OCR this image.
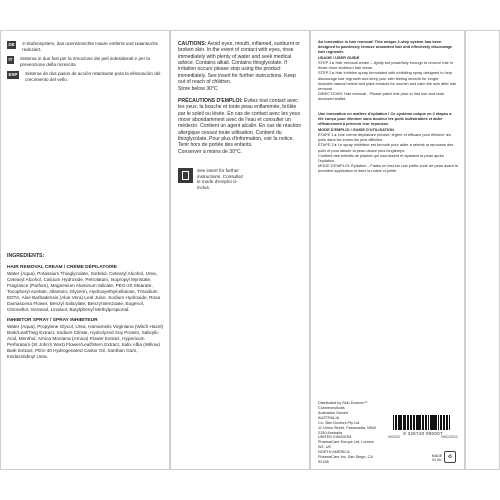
DE	2-Stufensystem, das unerwünschte Haare entfernt und Haarwuchs reduziert.
IT	Sistema in due fasi per la rimozione dei peli indesiderati e per la prevenzione della ricrescita
ESP	Sistema de dos pasos de acción retardante para la eliminación del crecimiento del vello.
INGREDIENTS:
HAIR REMOVAL CREAM / CRÈME DÉPILATOIRE
Water (Aqua), Potassium Thioglycolate, Sorbitol, Cetearyl Alcohol, Urea, Cetearyl Alcohol, Calcium Hydroxide, Petrolatum, Isopropyl Myristate, Fragrance (Parfum), Magnesium Aluminum Silicate, PEG-20 Stearate, Tocopheryl Acetate, Allantoin, Glycerin, Hydroxyethylcellulose, Trisodium EDTA, Aloe Barbadensis (Aloe Vera) Leaf Juice, Sodium Hydroxide, Rosa Damascena Flower, Benzyl Salicylate, Benzyl Benzoate, Eugenol, Citronellol, Geraniol, Linalool, Butylphenyl Methylpropional.
INHIBITOR SPRAY / SPRAY INHIBITEUR
Water (Aqua), Propylene Glycol, Urea, Hamamelis Virginiana (Witch Hazel) Bark/Leaf/Twig Extract, Sodium Citrate, Hydrolyzed Soy Protein, Salicylic Acid, Menthol, Arnica Montana (Arnica) Flower Extract, Hypericum Perforatum (St John's Wort) Flower/Leaf/Stem Extract, Salix Alba (Willow) Bark Extract, PEG-40 Hydrogenated Castor Oil, Xanthan Gum, Imidazolidinyl Urea.
CAUTIONS: Avoid eyes, mouth, inflamed, sunburnt or broken skin. In the event of contact with eyes, rinse immediately with plenty of water and seek medical advice. Contains alkali. Contains thioglycolate. If irritation occurs please stop using the product immediately. See insert for further instructions. Keep out of reach of children.
Store below 30°C
PRÉCAUTIONS D'EMPLOI: Évitez tout contact avec les yeux, la bouche et toute peau enflammée, brûlée par le soleil ou lésée. En cas de contact avec les yeux rincer abondamment avec de l'eau et consulter un médecin. Contient un agent alcalin. En cas de réaction allergique cessez toute utilisation. Contient du thioglycolate. Pour plus d'information, voir la notice. Tenir hors de portée des enfants.
Conserver à moins de 30°C.
See insert for further instructions. Consultez le mode d'emploi ci-inclus.
An innovative in hair removal! This unique 2-step system has been designed to painlessly remove unwanted hair and effectively discourage hair regrowth.
USAGE / USER GUIDE
STEP 1 ▸ Hair removal cream – lightly but powerfully enough to remove hair in those more stubborn hair areas.
STEP 2 ▸ Hair inhibitor spray formulated with inhibiting spray designed to help discourage hair regrowth and keep your skin feeling smooth for longer.
Includes natural herbal and plant extracts for nourish and calm the skin after hair removal.
DIRECTIONS: Hair removal - Please patch test prior to first use and read enclosed leaflet.
Une innovation en matière d'épilation ! Ce système unique en 2 étapes a été conçu pour éliminer sans douleur les poils indésirables et aider efficacement à prévenir leur repousse.
MODE D'EMPLOI / GUIDE D'UTILISATION
ÉTAPE 1 ▸ Une crème dépilatoire précise, légère et efficace pour éliminer les poils dans les zones les plus difficiles.
ÉTAPE 2 ▸ Le spray inhibiteur est formulé pour aider à ralentir la repousse des poils et pour laisser la peau douce plus longtemps.
Contient des extraits de plantes qui nourrissent et apaisent la peau après l'épilation.
MODE D'EMPLOI: Épilation – Faites un test sur une petite zone de peau avant la première application et lisez la notice ci-jointe.
Distributed by Skin Doctors™ Cosmeceuticals
Australian Owned
AUSTRALIA
Co. Skin Doctors Pty Ltd
11 Union Street, Parramatta, NSW 2150 Australia
UNITED KINGDOM
PharmaCare Europe Ltd, London W1, UK
NORTH AMERICA
PharmaCare Inc, San Diego, CA 92108
9 325740 000007
002202	0902/2012
MADE IN UK
♻
